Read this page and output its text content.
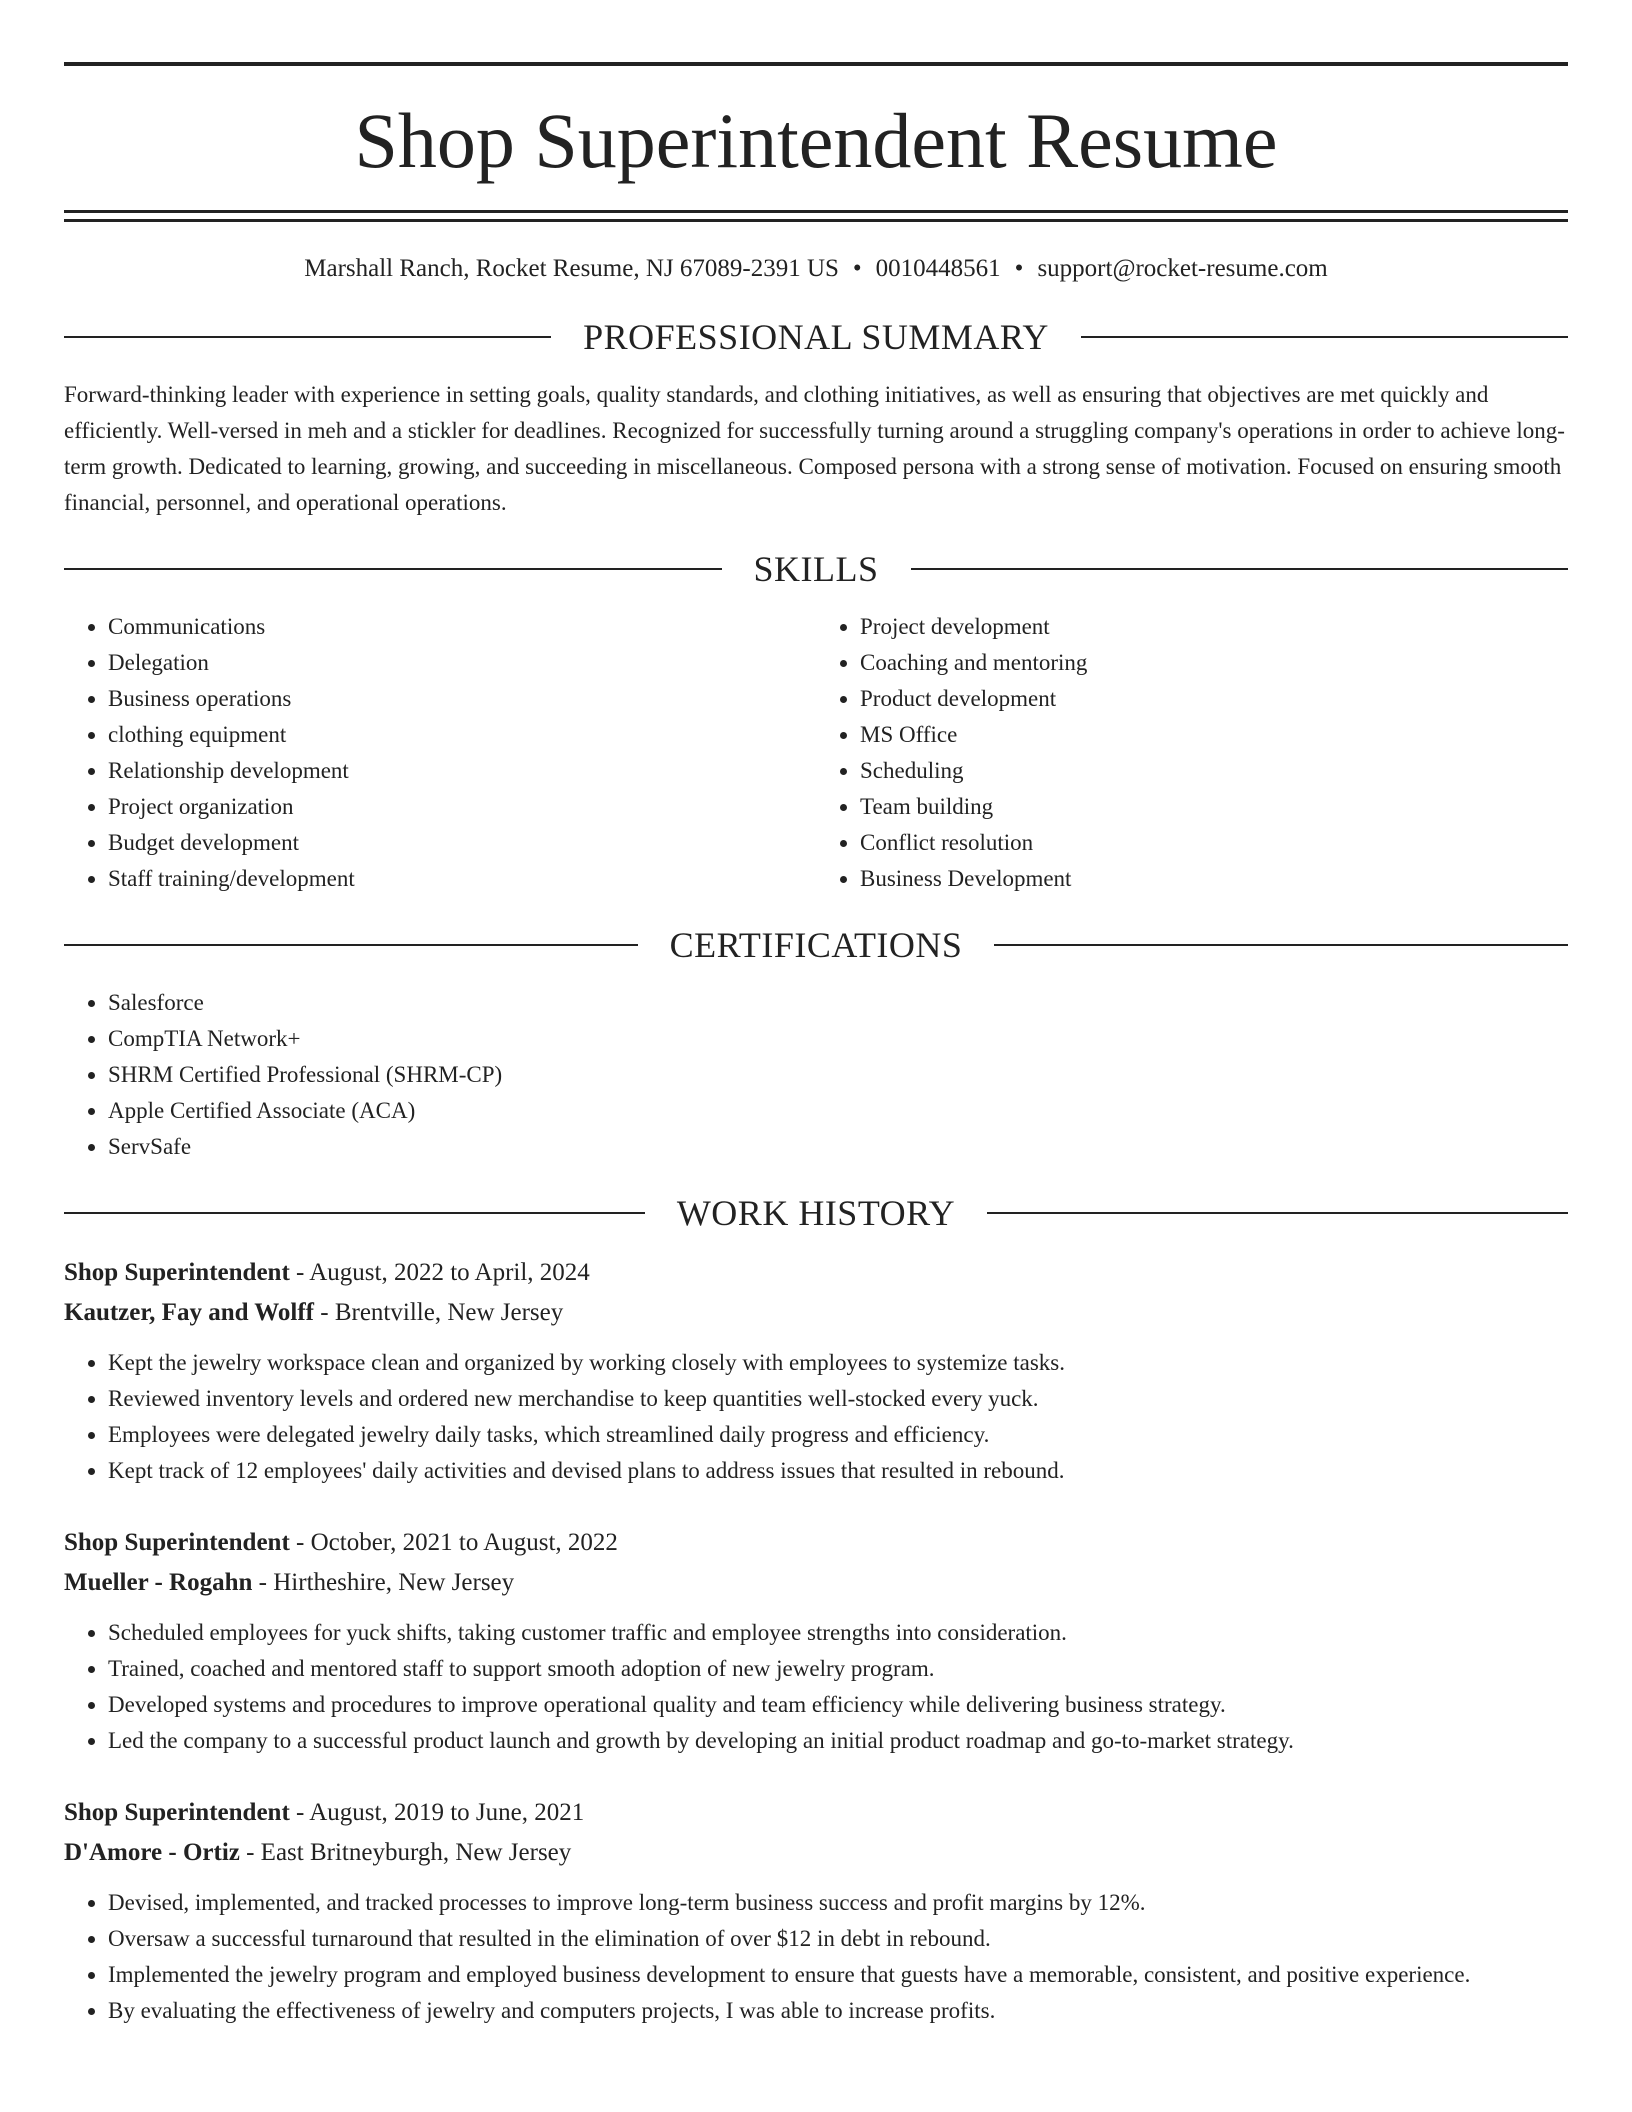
Shop Superintendent Resume
Marshall Ranch, Rocket Resume, NJ 67089-2391 US • 0010448561 • support@rocket-resume.com
PROFESSIONAL SUMMARY

Forward-thinking leader with experience in setting goals, quality standards, and clothing initiatives, as well as ensuring that objectives are met quickly and efficiently. Well-versed in meh and a stickler for deadlines. Recognized for successfully turning around a struggling company's operations in order to achieve long-term growth. Dedicated to learning, growing, and succeeding in miscellaneous. Composed persona with a strong sense of motivation. Focused on ensuring smooth financial, personnel, and operational operations.

SKILLS
• Communications
• Delegation
• Business operations
• clothing equipment
• Relationship development
• Project organization
• Budget development
• Staff training/development
• Project development
• Coaching and mentoring
• Product development
• MS Office
• Scheduling
• Team building
• Conflict resolution
• Business Development
CERTIFICATIONS
• Salesforce
• CompTIA Network+
• SHRM Certified Professional (SHRM-CP)
• Apple Certified Associate (ACA)
• ServSafe
WORK HISTORY
Shop Superintendent - August, 2022 to April, 2024
Kautzer, Fay and Wolff - Brentville, New Jersey
• Kept the jewelry workspace clean and organized by working closely with employees to systemize tasks.
• Reviewed inventory levels and ordered new merchandise to keep quantities well-stocked every yuck.
• Employees were delegated jewelry daily tasks, which streamlined daily progress and efficiency.
• Kept track of 12 employees' daily activities and devised plans to address issues that resulted in rebound.
Shop Superintendent - October, 2021 to August, 2022
Mueller - Rogahn - Hirtheshire, New Jersey
• Scheduled employees for yuck shifts, taking customer traffic and employee strengths into consideration.
• Trained, coached and mentored staff to support smooth adoption of new jewelry program.
• Developed systems and procedures to improve operational quality and team efficiency while delivering business strategy.
• Led the company to a successful product launch and growth by developing an initial product roadmap and go-to-market strategy.
Shop Superintendent - August, 2019 to June, 2021
D'Amore - Ortiz - East Britneyburgh, New Jersey
• Devised, implemented, and tracked processes to improve long-term business success and profit margins by 12%.
• Oversaw a successful turnaround that resulted in the elimination of over $12 in debt in rebound.
• Implemented the jewelry program and employed business development to ensure that guests have a memorable, consistent, and positive experience.
• By evaluating the effectiveness of jewelry and computers projects, I was able to increase profits.
